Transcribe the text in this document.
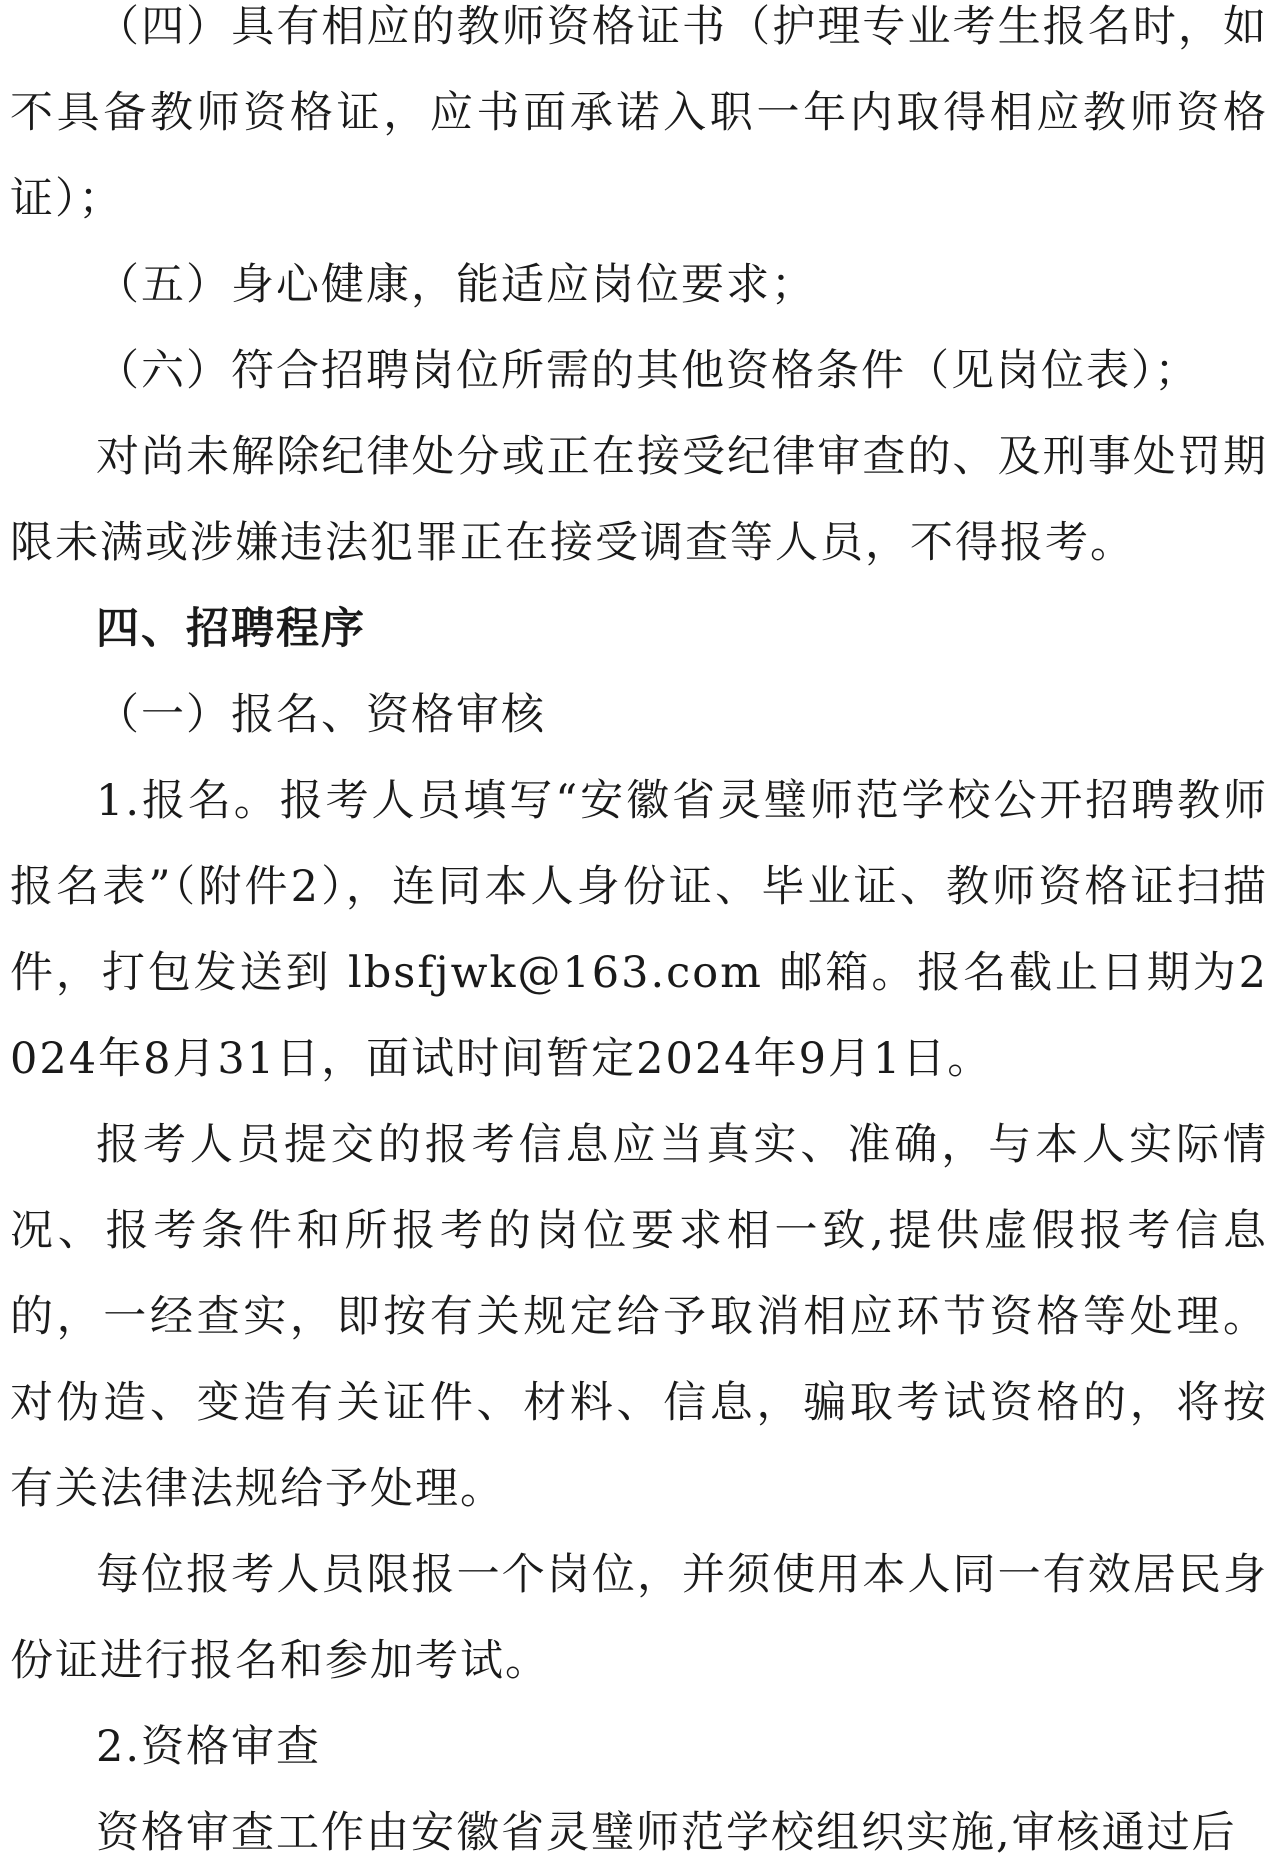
（四）具有相应的教师资格证书（护理专业考生报名时，如不具备教师资格证，应书面承诺入职一年内取得相应教师资格证）；

（五）身心健康，能适应岗位要求；

（六）符合招聘岗位所需的其他资格条件（见岗位表）；

对尚未解除纪律处分或正在接受纪律审查的、及刑事处罚期限未满或涉嫌违法犯罪正在接受调查等人员，不得报考。

四、招聘程序

（一）报名、资格审核

1.报名。报考人员填写“安徽省灵璧师范学校公开招聘教师报名表”（附件2），连同本人身份证、毕业证、教师资格证扫描件，打包发送到 lbsfjwk@163.com 邮箱。报名截止日期为2024年8月31日，面试时间暂定2024年9月1日。

报考人员提交的报考信息应当真实、准确，与本人实际情况、报考条件和所报考的岗位要求相一致,提供虚假报考信息的，一经查实，即按有关规定给予取消相应环节资格等处理。对伪造、变造有关证件、材料、信息，骗取考试资格的，将按有关法律法规给予处理。

每位报考人员限报一个岗位，并须使用本人同一有效居民身份证进行报名和参加考试。

2.资格审查

资格审查工作由安徽省灵璧师范学校组织实施,审核通过后
